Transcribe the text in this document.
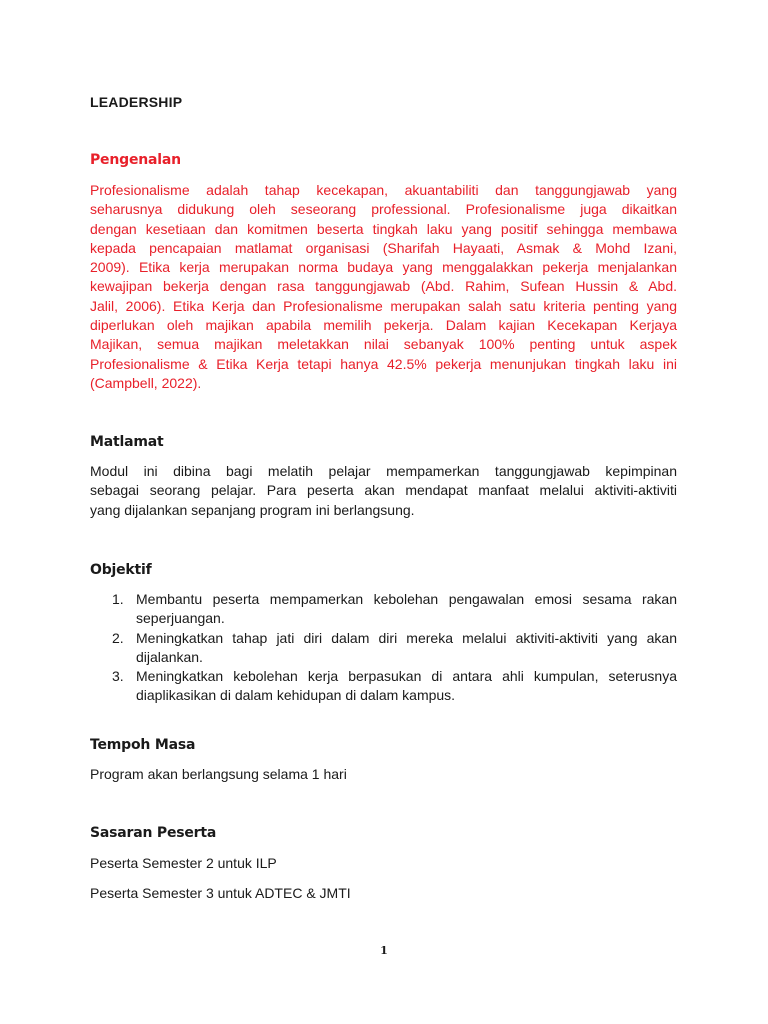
LEADERSHIP
Pengenalan
Profesionalisme adalah tahap kecekapan, akuantabiliti dan tanggungjawab yang
seharusnya didukung oleh seseorang professional. Profesionalisme juga dikaitkan
dengan kesetiaan dan komitmen beserta tingkah laku yang positif sehingga membawa
kepada pencapaian matlamat organisasi (Sharifah Hayaati, Asmak & Mohd Izani,
2009). Etika kerja merupakan norma budaya yang menggalakkan pekerja menjalankan
kewajipan bekerja dengan rasa tanggungjawab (Abd. Rahim, Sufean Hussin & Abd.
Jalil, 2006). Etika Kerja dan Profesionalisme merupakan salah satu kriteria penting yang
diperlukan oleh majikan apabila memilih pekerja. Dalam kajian Kecekapan Kerjaya
Majikan, semua majikan meletakkan nilai sebanyak 100% penting untuk aspek
Profesionalisme & Etika Kerja tetapi hanya 42.5% pekerja menunjukan tingkah laku ini
(Campbell, 2022).
Matlamat
Modul ini dibina bagi melatih pelajar mempamerkan tanggungjawab kepimpinan
sebagai seorang pelajar. Para peserta akan mendapat manfaat melalui aktiviti-aktiviti
yang dijalankan sepanjang program ini berlangsung.
Objektif
1. Membantu peserta mempamerkan kebolehan pengawalan emosi sesama rakan
seperjuangan.
2. Meningkatkan tahap jati diri dalam diri mereka melalui aktiviti-aktiviti yang akan
dijalankan.
3. Meningkatkan kebolehan kerja berpasukan di antara ahli kumpulan, seterusnya
diaplikasikan di dalam kehidupan di dalam kampus.
Tempoh Masa
Program akan berlangsung selama 1 hari
Sasaran Peserta
Peserta Semester 2 untuk ILP
Peserta Semester 3 untuk ADTEC & JMTI
1
